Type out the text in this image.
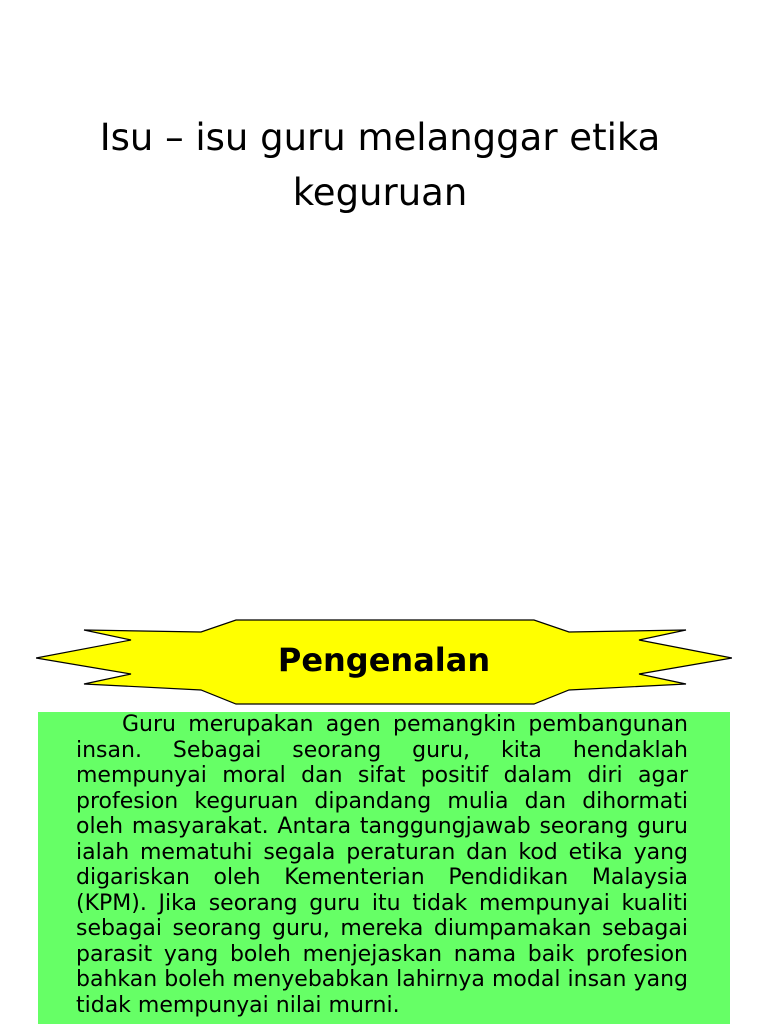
Isu – isu guru melanggar etika keguruan
Pengenalan

Guru merupakan agen pemangkin pembangunan insan. Sebagai seorang guru, kita hendaklah mempunyai moral dan sifat positif dalam diri agar profesion keguruan dipandang mulia dan dihormati oleh masyarakat. Antara tanggungjawab seorang guru ialah mematuhi segala peraturan dan kod etika yang digariskan oleh Kementerian Pendidikan Malaysia (KPM). Jika seorang guru itu tidak mempunyai kualiti sebagai seorang guru, mereka diumpamakan sebagai parasit yang boleh menjejaskan nama baik profesion bahkan boleh menyebabkan lahirnya modal insan yang tidak mempunyai nilai murni.
